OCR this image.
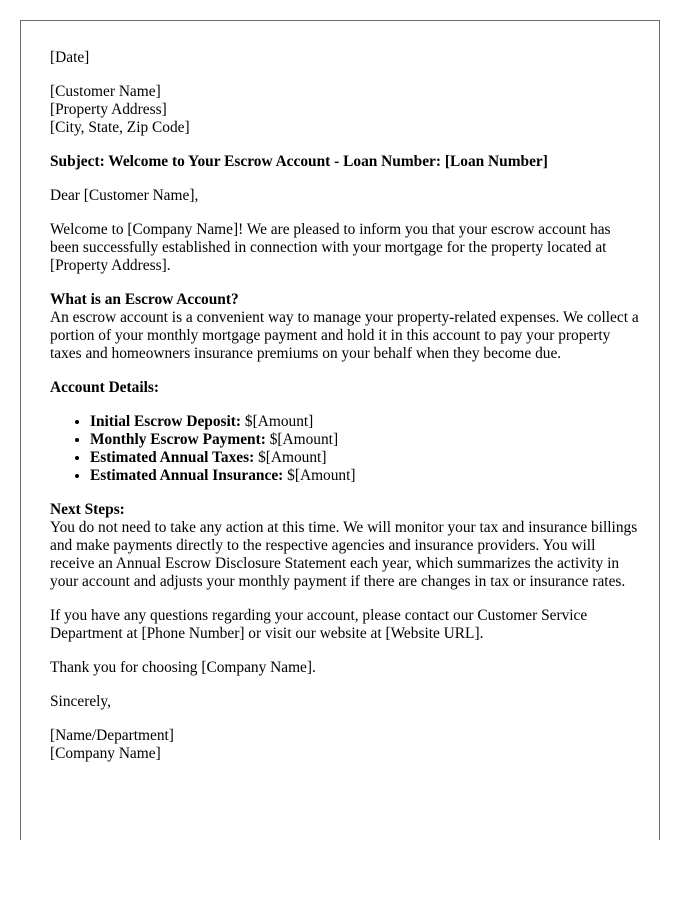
[Date]

[Customer Name]
[Property Address]
[City, State, Zip Code]

Subject: Welcome to Your Escrow Account - Loan Number: [Loan Number]

Dear [Customer Name],

Welcome to [Company Name]! We are pleased to inform you that your escrow account has been successfully established in connection with your mortgage for the property located at [Property Address].

What is an Escrow Account?
An escrow account is a convenient way to manage your property-related expenses. We collect a portion of your monthly mortgage payment and hold it in this account to pay your property taxes and homeowners insurance premiums on your behalf when they become due.

Account Details:

• Initial Escrow Deposit: $[Amount]
• Monthly Escrow Payment: $[Amount]
• Estimated Annual Taxes: $[Amount]
• Estimated Annual Insurance: $[Amount]

Next Steps:
You do not need to take any action at this time. We will monitor your tax and insurance billings and make payments directly to the respective agencies and insurance providers. You will receive an Annual Escrow Disclosure Statement each year, which summarizes the activity in your account and adjusts your monthly payment if there are changes in tax or insurance rates.

If you have any questions regarding your account, please contact our Customer Service Department at [Phone Number] or visit our website at [Website URL].

Thank you for choosing [Company Name].

Sincerely,

[Name/Department]
[Company Name]
